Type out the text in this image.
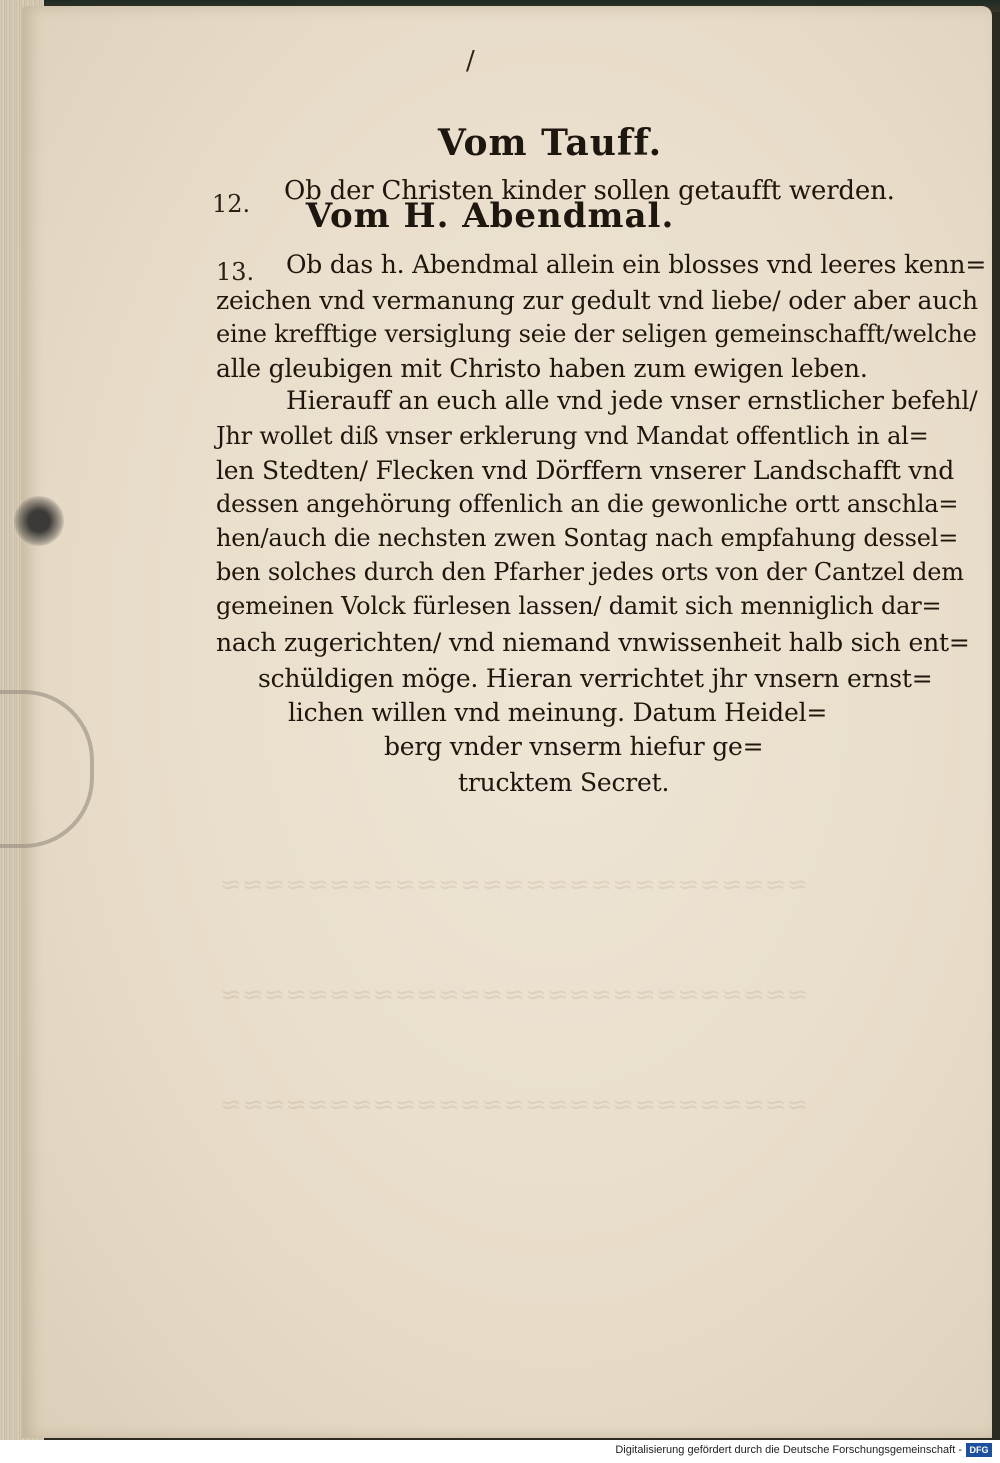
/
Vom Tauff.
12. Ob der Christen kinder sollen getaufft werden.
Vom H. Abendmal.
13. Ob das h. Abendmal allein ein blosses vnd leeres kenn=
zeichen vnd vermanung zur gedult vnd liebe/ oder aber auch
eine krefftige versiglung seie der seligen gemeinschafft/welche
alle gleubigen mit Christo haben zum ewigen leben.
Hierauff an euch alle vnd jede vnser ernstlicher befehl/
Jhr wollet diß vnser erklerung vnd Mandat offentlich in al=
len Stedten/ Flecken vnd Dörffern vnserer Landschafft vnd
dessen angehörung offenlich an die gewonliche ortt anschla=
hen/auch die nechsten zwen Sontag nach empfahung dessel=
ben solches durch den Pfarher jedes orts von der Cantzel dem
gemeinen Volck fürlesen lassen/ damit sich menniglich dar=
nach zugerichten/ vnd niemand vnwissenheit halb sich ent=
schüldigen möge. Hieran verrichtet jhr vnsern ernst=
lichen willen vnd meinung. Datum Heidel=
berg vnder vnserm hiefur ge=
trucktem Secret.
≈≈≈≈≈≈≈≈≈≈≈≈≈≈≈≈≈≈≈≈≈≈≈≈≈≈≈
≈≈≈≈≈≈≈≈≈≈≈≈≈≈≈≈≈≈≈≈≈≈≈≈≈≈≈
≈≈≈≈≈≈≈≈≈≈≈≈≈≈≈≈≈≈≈≈≈≈≈≈≈≈≈
Digitalisierung gefördert durch die Deutsche Forschungsgemeinschaft - DFG
